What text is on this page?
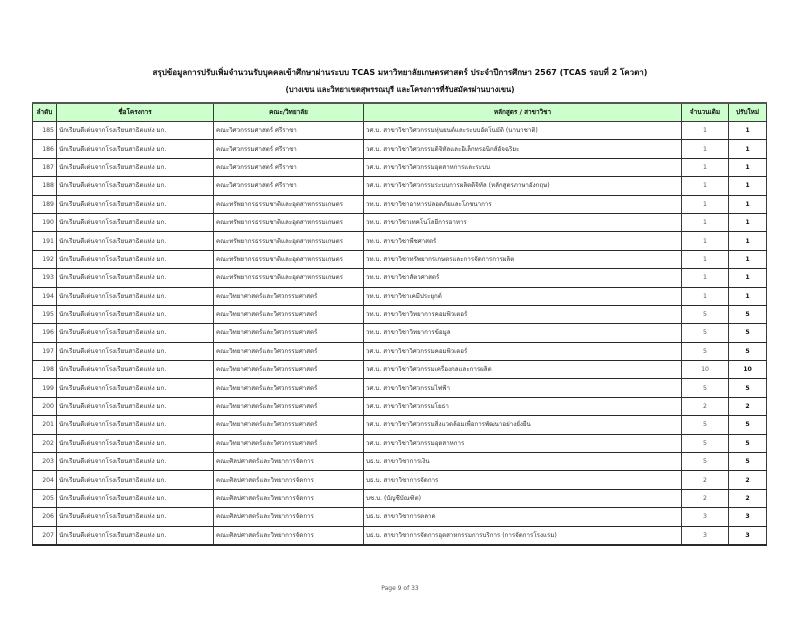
สรุปข้อมูลการปรับเพิ่มจำนวนรับบุคคลเข้าศึกษาผ่านระบบ TCAS มหาวิทยาลัยเกษตรศาสตร์ ประจำปีการศึกษา 2567 (TCAS รอบที่ 2 โควตา)
(บางเขน และวิทยาเขตสุพรรณบุรี และโครงการที่รับสมัครผ่านบางเขน)
ลำดับ	ชื่อโครงการ	คณะ/วิทยาลัย	หลักสูตร / สาขาวิชา	จำนวนเดิม	ปรับใหม่
185	นักเรียนดีเด่นจากโรงเรียนสาธิตแห่ง มก.	คณะวิศวกรรมศาสตร์ ศรีราชา	วศ.บ. สาขาวิชาวิศวกรรมหุ่นยนต์และระบบอัตโนมัติ (นานาชาติ)	1	1
186	นักเรียนดีเด่นจากโรงเรียนสาธิตแห่ง มก.	คณะวิศวกรรมศาสตร์ ศรีราชา	วศ.บ. สาขาวิชาวิศวกรรมดิจิทัลและอิเล็กทรอนิกส์อัจฉริยะ	1	1
187	นักเรียนดีเด่นจากโรงเรียนสาธิตแห่ง มก.	คณะวิศวกรรมศาสตร์ ศรีราชา	วศ.บ. สาขาวิชาวิศวกรรมอุตสาหการและระบบ	1	1
188	นักเรียนดีเด่นจากโรงเรียนสาธิตแห่ง มก.	คณะวิศวกรรมศาสตร์ ศรีราชา	วศ.บ. สาขาวิชาวิศวกรรมระบบการผลิตดิจิทัล (หลักสูตรภาษาอังกฤษ)	1	1
189	นักเรียนดีเด่นจากโรงเรียนสาธิตแห่ง มก.	คณะทรัพยากรธรรมชาติและอุตสาหกรรมเกษตร	วท.บ. สาขาวิชาอาหารปลอดภัยและโภชนาการ	1	1
190	นักเรียนดีเด่นจากโรงเรียนสาธิตแห่ง มก.	คณะทรัพยากรธรรมชาติและอุตสาหกรรมเกษตร	วท.บ. สาขาวิชาเทคโนโลยีการอาหาร	1	1
191	นักเรียนดีเด่นจากโรงเรียนสาธิตแห่ง มก.	คณะทรัพยากรธรรมชาติและอุตสาหกรรมเกษตร	วท.บ. สาขาวิชาพืชศาสตร์	1	1
192	นักเรียนดีเด่นจากโรงเรียนสาธิตแห่ง มก.	คณะทรัพยากรธรรมชาติและอุตสาหกรรมเกษตร	วท.บ. สาขาวิชาทรัพยากรเกษตรและการจัดการการผลิต	1	1
193	นักเรียนดีเด่นจากโรงเรียนสาธิตแห่ง มก.	คณะทรัพยากรธรรมชาติและอุตสาหกรรมเกษตร	วท.บ. สาขาวิชาสัตวศาสตร์	1	1
194	นักเรียนดีเด่นจากโรงเรียนสาธิตแห่ง มก.	คณะวิทยาศาสตร์และวิศวกรรมศาสตร์	วท.บ. สาขาวิชาเคมีประยุกต์	1	1
195	นักเรียนดีเด่นจากโรงเรียนสาธิตแห่ง มก.	คณะวิทยาศาสตร์และวิศวกรรมศาสตร์	วท.บ. สาขาวิชาวิทยาการคอมพิวเตอร์	5	5
196	นักเรียนดีเด่นจากโรงเรียนสาธิตแห่ง มก.	คณะวิทยาศาสตร์และวิศวกรรมศาสตร์	วท.บ. สาขาวิชาวิทยาการข้อมูล	5	5
197	นักเรียนดีเด่นจากโรงเรียนสาธิตแห่ง มก.	คณะวิทยาศาสตร์และวิศวกรรมศาสตร์	วศ.บ. สาขาวิชาวิศวกรรมคอมพิวเตอร์	5	5
198	นักเรียนดีเด่นจากโรงเรียนสาธิตแห่ง มก.	คณะวิทยาศาสตร์และวิศวกรรมศาสตร์	วศ.บ. สาขาวิชาวิศวกรรมเครื่องกลและการผลิต	10	10
199	นักเรียนดีเด่นจากโรงเรียนสาธิตแห่ง มก.	คณะวิทยาศาสตร์และวิศวกรรมศาสตร์	วศ.บ. สาขาวิชาวิศวกรรมไฟฟ้า	5	5
200	นักเรียนดีเด่นจากโรงเรียนสาธิตแห่ง มก.	คณะวิทยาศาสตร์และวิศวกรรมศาสตร์	วศ.บ. สาขาวิชาวิศวกรรมโยธา	2	2
201	นักเรียนดีเด่นจากโรงเรียนสาธิตแห่ง มก.	คณะวิทยาศาสตร์และวิศวกรรมศาสตร์	วศ.บ. สาขาวิชาวิศวกรรมสิ่งแวดล้อมเพื่อการพัฒนาอย่างยั่งยืน	5	5
202	นักเรียนดีเด่นจากโรงเรียนสาธิตแห่ง มก.	คณะวิทยาศาสตร์และวิศวกรรมศาสตร์	วศ.บ. สาขาวิชาวิศวกรรมอุตสาหการ	5	5
203	นักเรียนดีเด่นจากโรงเรียนสาธิตแห่ง มก.	คณะศิลปศาสตร์และวิทยาการจัดการ	บธ.บ. สาขาวิชาการเงิน	5	5
204	นักเรียนดีเด่นจากโรงเรียนสาธิตแห่ง มก.	คณะศิลปศาสตร์และวิทยาการจัดการ	บธ.บ. สาขาวิชาการจัดการ	2	2
205	นักเรียนดีเด่นจากโรงเรียนสาธิตแห่ง มก.	คณะศิลปศาสตร์และวิทยาการจัดการ	บช.บ. (บัญชีบัณฑิต)	2	2
206	นักเรียนดีเด่นจากโรงเรียนสาธิตแห่ง มก.	คณะศิลปศาสตร์และวิทยาการจัดการ	บธ.บ. สาขาวิชาการตลาด	3	3
207	นักเรียนดีเด่นจากโรงเรียนสาธิตแห่ง มก.	คณะศิลปศาสตร์และวิทยาการจัดการ	บธ.บ. สาขาวิชาการจัดการอุตสาหกรรมการบริการ (การจัดการโรงแรม)	3	3
Page 9 of 33
